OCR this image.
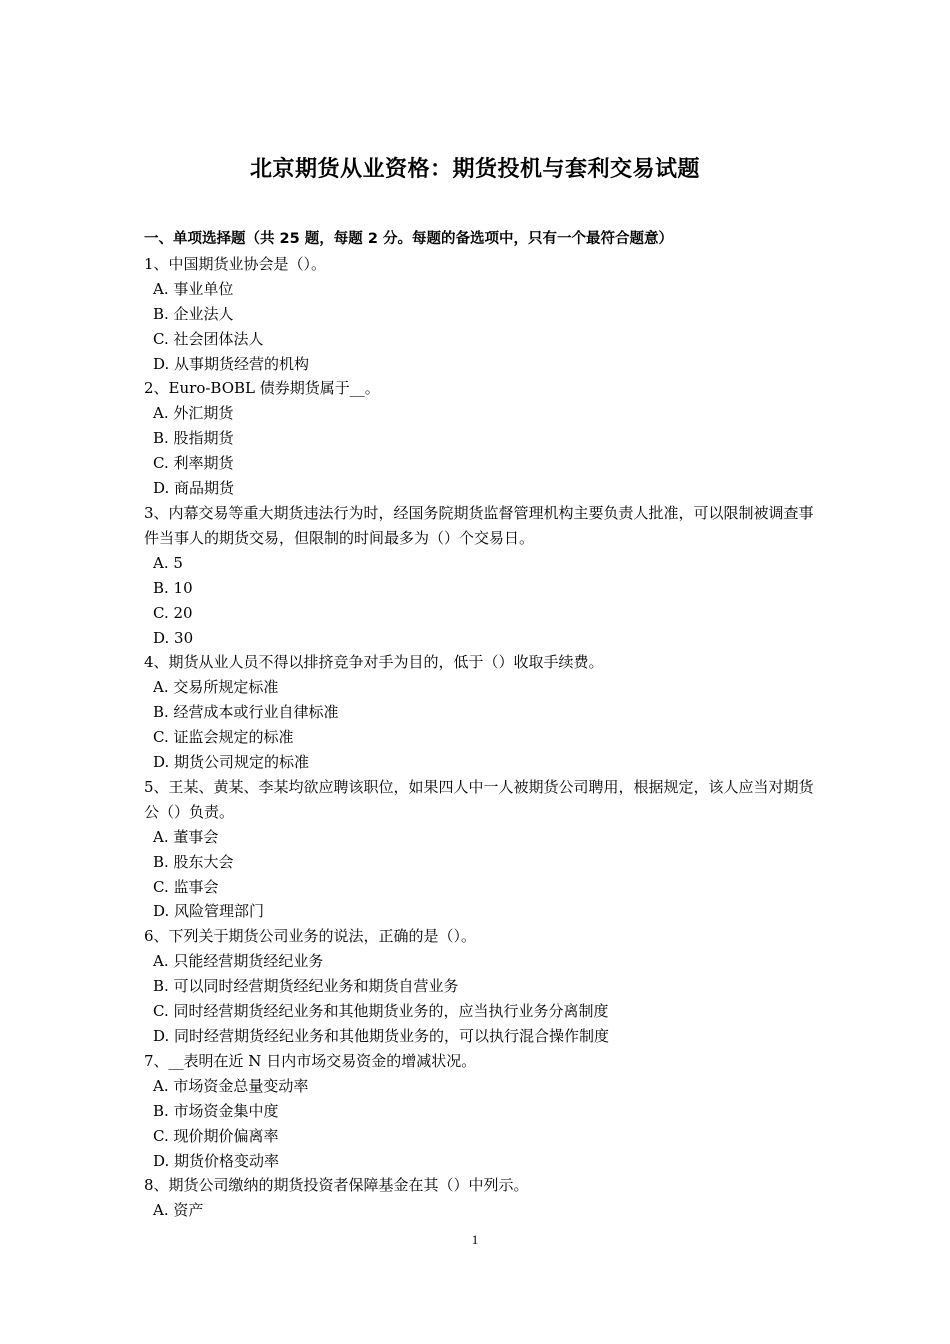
北京期货从业资格：期货投机与套利交易试题
一、单项选择题（共 25 题，每题 2 分。每题的备选项中，只有一个最符合题意）
1、中国期货业协会是（）。
A. 事业单位
B. 企业法人
C. 社会团体法人
D. 从事期货经营的机构
2、Euro-BOBL 债券期货属于__。
A. 外汇期货
B. 股指期货
C. 利率期货
D. 商品期货
3、内幕交易等重大期货违法行为时，经国务院期货监督管理机构主要负责人批准，可以限制被调查事件当事人的期货交易，但限制的时间最多为（）个交易日。
A. 5
B. 10
C. 20
D. 30
4、期货从业人员不得以排挤竞争对手为目的，低于（）收取手续费。
A. 交易所规定标准
B. 经营成本或行业自律标准
C. 证监会规定的标准
D. 期货公司规定的标准
5、王某、黄某、李某均欲应聘该职位，如果四人中一人被期货公司聘用，根据规定，该人应当对期货公（）负责。
A. 董事会
B. 股东大会
C. 监事会
D. 风险管理部门
6、下列关于期货公司业务的说法，正确的是（）。
A. 只能经营期货经纪业务
B. 可以同时经营期货经纪业务和期货自营业务
C. 同时经营期货经纪业务和其他期货业务的，应当执行业务分离制度
D. 同时经营期货经纪业务和其他期货业务的，可以执行混合操作制度
7、__表明在近 N 日内市场交易资金的增减状况。
A. 市场资金总量变动率
B. 市场资金集中度
C. 现价期价偏离率
D. 期货价格变动率
8、期货公司缴纳的期货投资者保障基金在其（）中列示。
A. 资产
1
